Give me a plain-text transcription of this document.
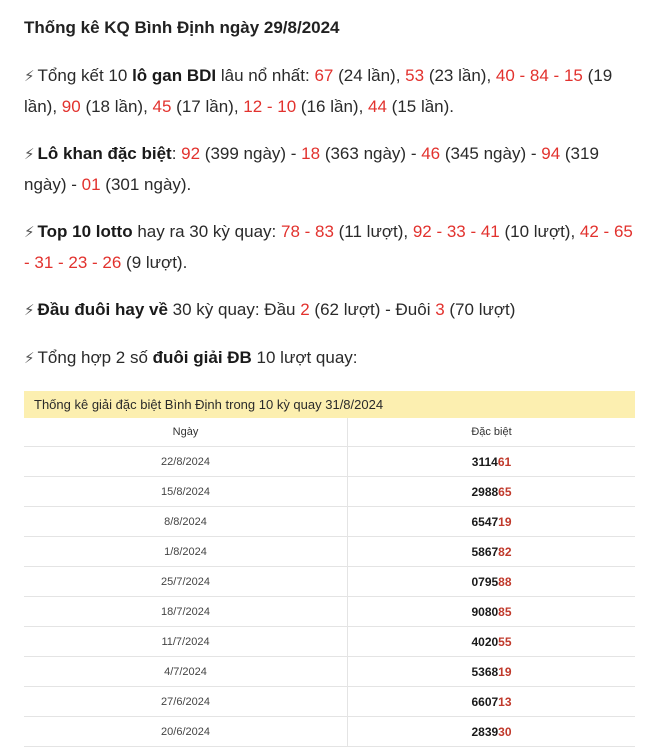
Thống kê KQ Bình Định ngày 29/8/2024

⚡︎ Tổng kết 10 lô gan BDI lâu nổ nhất: 67 (24 lần), 53 (23 lần), 40 - 84 - 15 (19 lần), 90 (18 lần), 45 (17 lần), 12 - 10 (16 lần), 44 (15 lần).

⚡︎ Lô khan đặc biệt: 92 (399 ngày) - 18 (363 ngày) - 46 (345 ngày) - 94 (319 ngày) - 01 (301 ngày).

⚡︎ Top 10 lotto hay ra 30 kỳ quay: 78 - 83 (11 lượt), 92 - 33 - 41 (10 lượt), 42 - 65 - 31 - 23 - 26 (9 lượt).

⚡︎ Đầu đuôi hay về 30 kỳ quay: Đầu 2 (62 lượt) - Đuôi 3 (70 lượt)

⚡︎ Tổng hợp 2 số đuôi giải ĐB 10 lượt quay:

Thống kê giải đặc biệt Bình Định trong 10 kỳ quay 31/8/2024
Ngày	Đặc biệt
22/8/2024	311461
15/8/2024	298865
8/8/2024	654719
1/8/2024	586782
25/7/2024	079588
18/7/2024	908085
11/7/2024	402055
4/7/2024	536819
27/6/2024	660713
20/6/2024	283930
